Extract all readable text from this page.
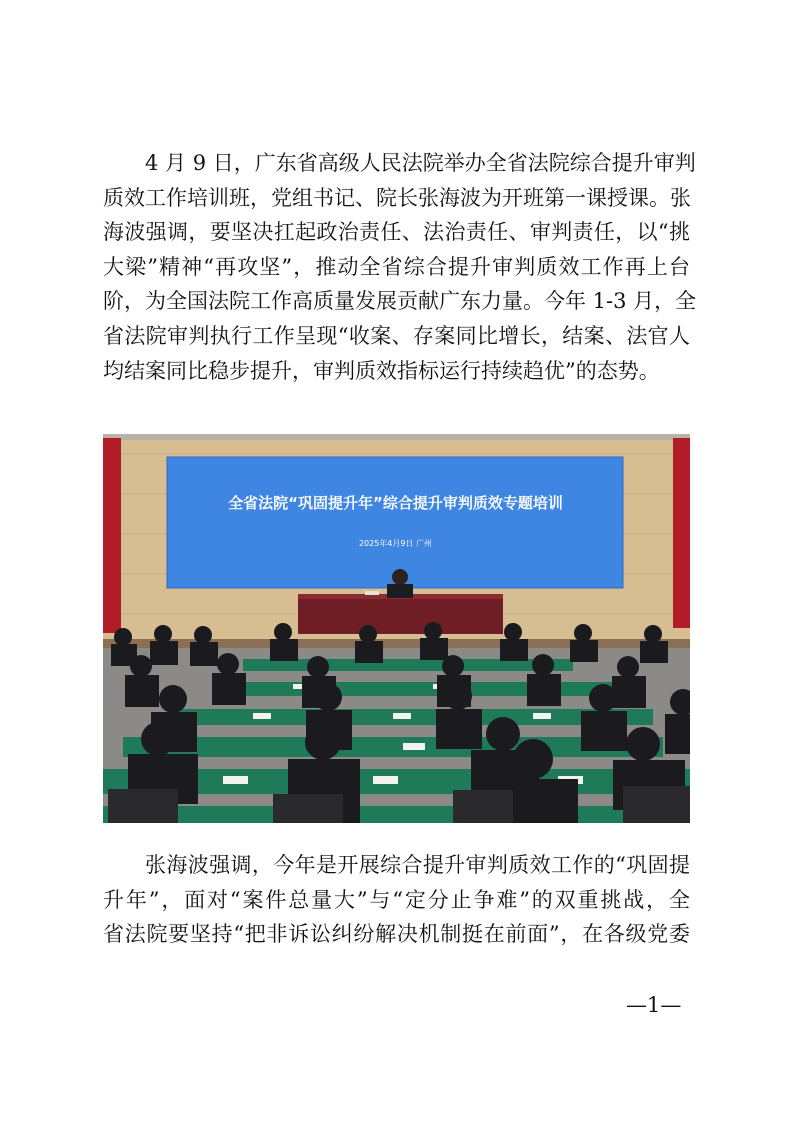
4 月 9 日，广东省高级人民法院举办全省法院综合提升审判
质效工作培训班，党组书记、院长张海波为开班第一课授课。张
海波强调，要坚决扛起政治责任、法治责任、审判责任，以“挑
大梁”精神“再攻坚”，推动全省综合提升审判质效工作再上台
阶，为全国法院工作高质量发展贡献广东力量。今年 1-3 月，全
省法院审判执行工作呈现“收案、存案同比增长，结案、法官人
均结案同比稳步提升，审判质效指标运行持续趋优”的态势。
全省法院“巩固提升年”综合提升审判质效专题培训
2025年4月9日 广州
张海波强调，今年是开展综合提升审判质效工作的“巩固提
升年”，面对“案件总量大”与“定分止争难”的双重挑战，全
省法院要坚持“把非诉讼纠纷解决机制挺在前面”，在各级党委
—1—
